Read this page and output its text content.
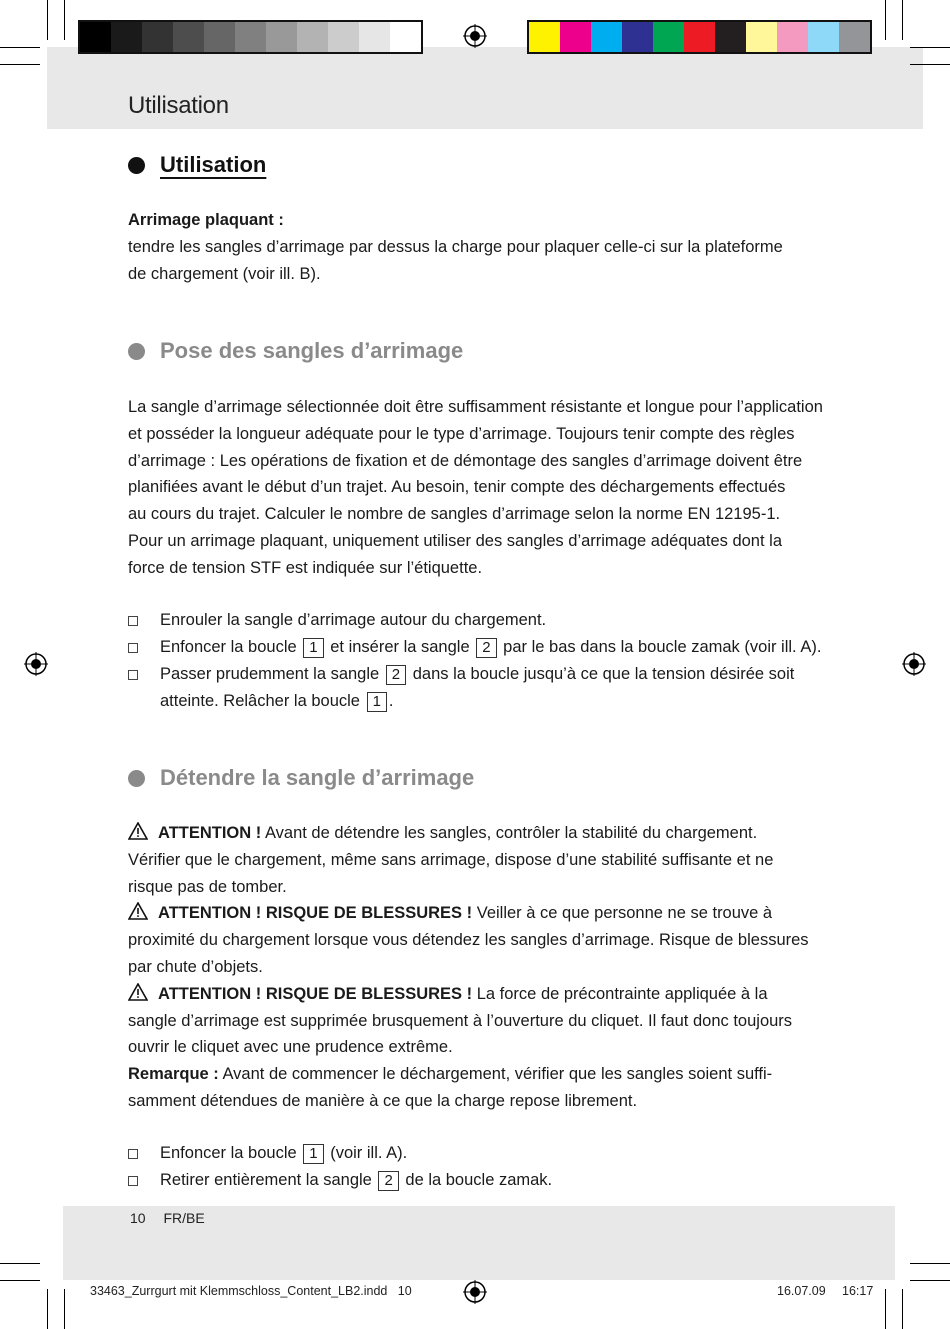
Utilisation
Utilisation
Arrimage plaquant :
tendre les sangles d’arrimage par dessus la charge pour plaquer celle-ci sur la plateforme
de chargement (voir ill. B).
Pose des sangles d’arrimage
La sangle d’arrimage sélectionnée doit être suffisamment résistante et longue pour l’application
et posséder la longueur adéquate pour le type d’arrimage. Toujours tenir compte des règles
d’arrimage : Les opérations de fixation et de démontage des sangles d’arrimage doivent être
planifiées avant le début d’un trajet. Au besoin, tenir compte des déchargements effectués
au cours du trajet. Calculer le nombre de sangles d’arrimage selon la norme EN 12195-1.
Pour un arrimage plaquant, uniquement utiliser des sangles d’arrimage adéquates dont la
force de tension STF est indiquée sur l’étiquette.
Enrouler la sangle d’arrimage autour du chargement.
Enfoncer la boucle 1 et insérer la sangle 2 par le bas dans la boucle zamak (voir ill. A).
Passer prudemment la sangle 2 dans la boucle jusqu’à ce que la tension désirée soit
atteinte. Relâcher la boucle 1 .
Détendre la sangle d’arrimage
ATTENTION ! Avant de détendre les sangles, contrôler la stabilité du chargement.
Vérifier que le chargement, même sans arrimage, dispose d’une stabilité suffisante et ne
risque pas de tomber.
ATTENTION ! RISQUE DE BLESSURES ! Veiller à ce que personne ne se trouve à
proximité du chargement lorsque vous détendez les sangles d’arrimage. Risque de blessures
par chute d’objets.
ATTENTION ! RISQUE DE BLESSURES ! La force de précontrainte appliquée à la
sangle d’arrimage est supprimée brusquement à l’ouverture du cliquet. Il faut donc toujours
ouvrir le cliquet avec une prudence extrême.
Remarque : Avant de commencer le déchargement, vérifier que les sangles soient suffi-
samment détendues de manière à ce que la charge repose librement.
Enfoncer la boucle 1 (voir ill. A).
Retirer entièrement la sangle 2 de la boucle zamak.
10 FR/BE
33463_Zurrgurt mit Klemmschloss_Content_LB2.indd   10	16.07.09 16:17
